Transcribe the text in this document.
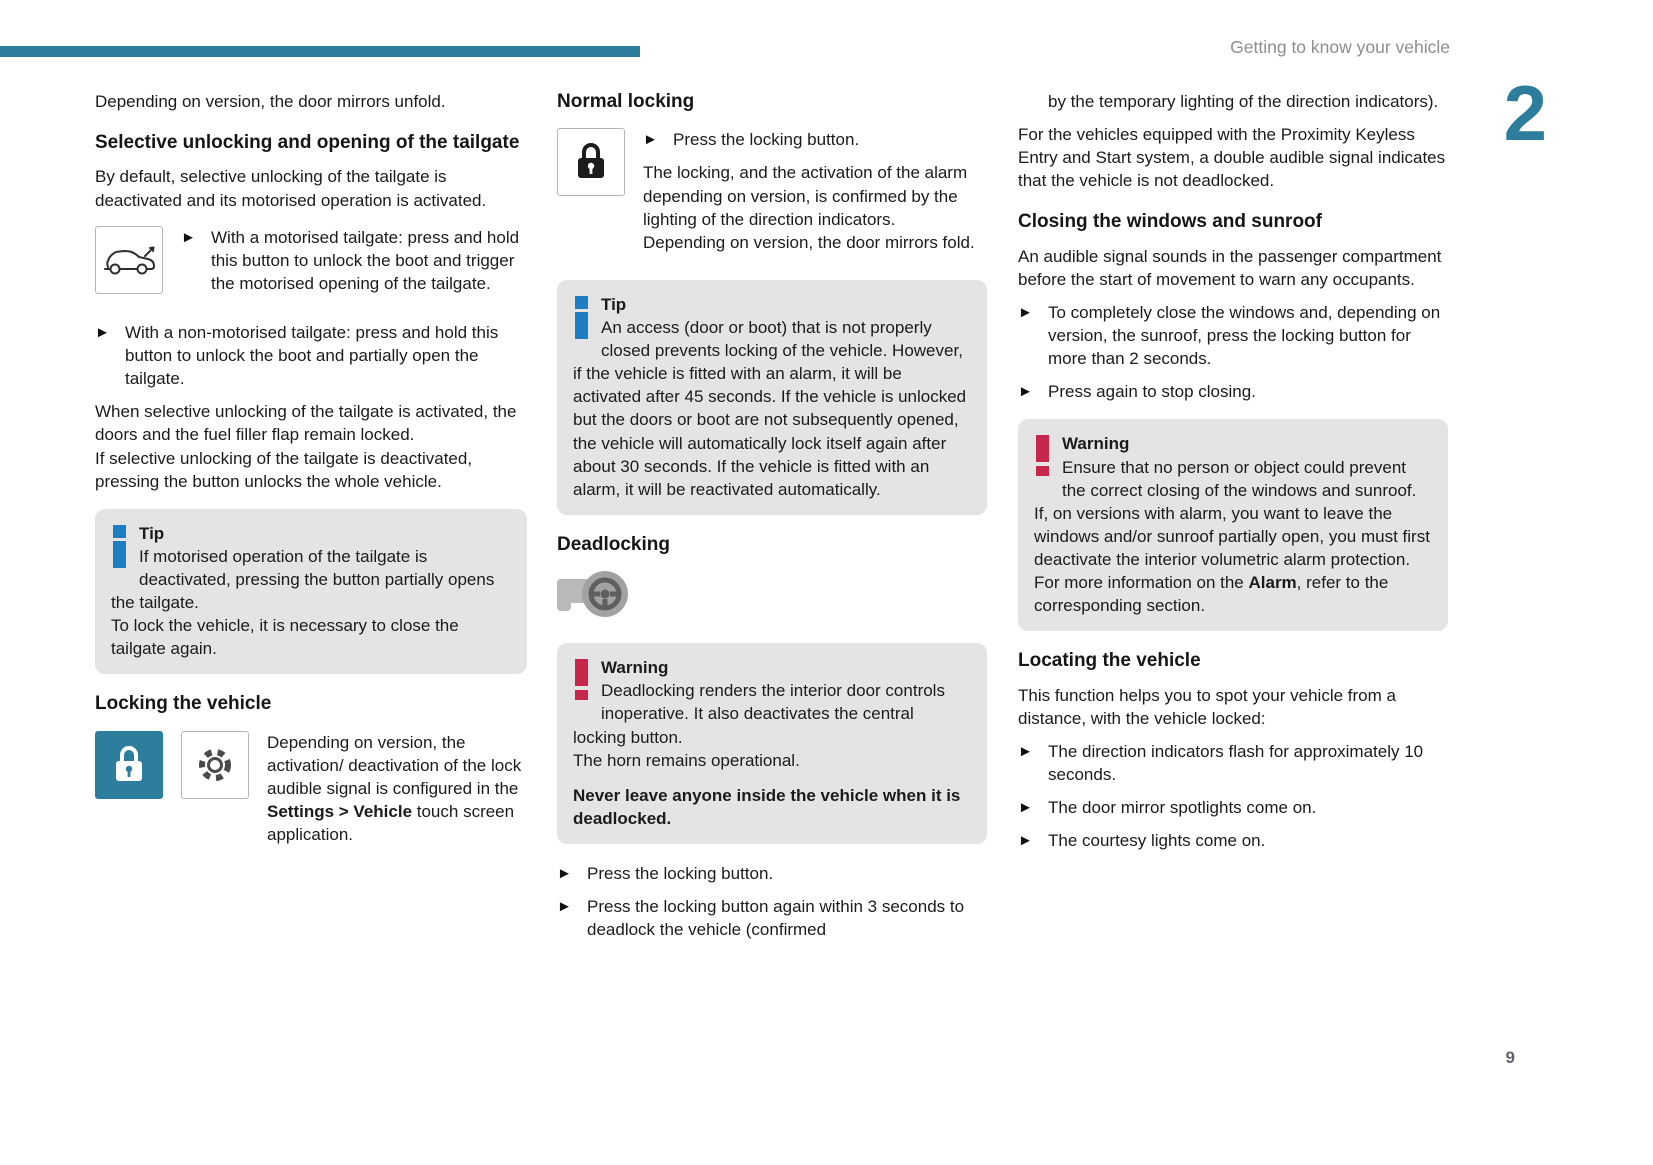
Getting to know your vehicle
2

Depending on version, the door mirrors unfold.

Selective unlocking and opening of the tailgate

By default, selective unlocking of the tailgate is deactivated and its motorised operation is activated.

► With a motorised tailgate: press and hold this button to unlock the boot and trigger the motorised opening of the tailgate.
► With a non-motorised tailgate: press and hold this button to unlock the boot and partially open the tailgate.

When selective unlocking of the tailgate is activated, the doors and the fuel filler flap remain locked.

If selective unlocking of the tailgate is deactivated, pressing the button unlocks the whole vehicle.

Tip

If motorised operation of the tailgate is deactivated, pressing the button partially opens the tailgate.

To lock the vehicle, it is necessary to close the tailgate again.

Locking the vehicle
Depending on version, the activation/ deactivation of the lock audible signal is configured in the Settings > Vehicle touch screen application.
Normal locking
► Press the locking button.

The locking, and the activation of the alarm depending on version, is confirmed by the lighting of the direction indicators.

Depending on version, the door mirrors fold.

Tip

An access (door or boot) that is not properly closed prevents locking of the vehicle. However, if the vehicle is fitted with an alarm, it will be activated after 45 seconds. If the vehicle is unlocked but the doors or boot are not subsequently opened, the vehicle will automatically lock itself again after about 30 seconds. If the vehicle is fitted with an alarm, it will be reactivated automatically.

Deadlocking
Warning

Deadlocking renders the interior door controls inoperative. It also deactivates the central locking button.

The horn remains operational.

Never leave anyone inside the vehicle when it is deadlocked.

► Press the locking button.
► Press the locking button again within 3 seconds to deadlock the vehicle (confirmed

by the temporary lighting of the direction indicators).

For the vehicles equipped with the Proximity Keyless Entry and Start system, a double audible signal indicates that the vehicle is not deadlocked.

Closing the windows and sunroof

An audible signal sounds in the passenger compartment before the start of movement to warn any occupants.

► To completely close the windows and, depending on version, the sunroof, press the locking button for more than 2 seconds.
► Press again to stop closing.
Warning

Ensure that no person or object could prevent the correct closing of the windows and sunroof.

If, on versions with alarm, you want to leave the windows and/or sunroof partially open, you must first deactivate the interior volumetric alarm protection.

For more information on the Alarm, refer to the corresponding section.

Locating the vehicle

This function helps you to spot your vehicle from a distance, with the vehicle locked:

► The direction indicators flash for approximately 10 seconds.
► The door mirror spotlights come on.
► The courtesy lights come on.
9
